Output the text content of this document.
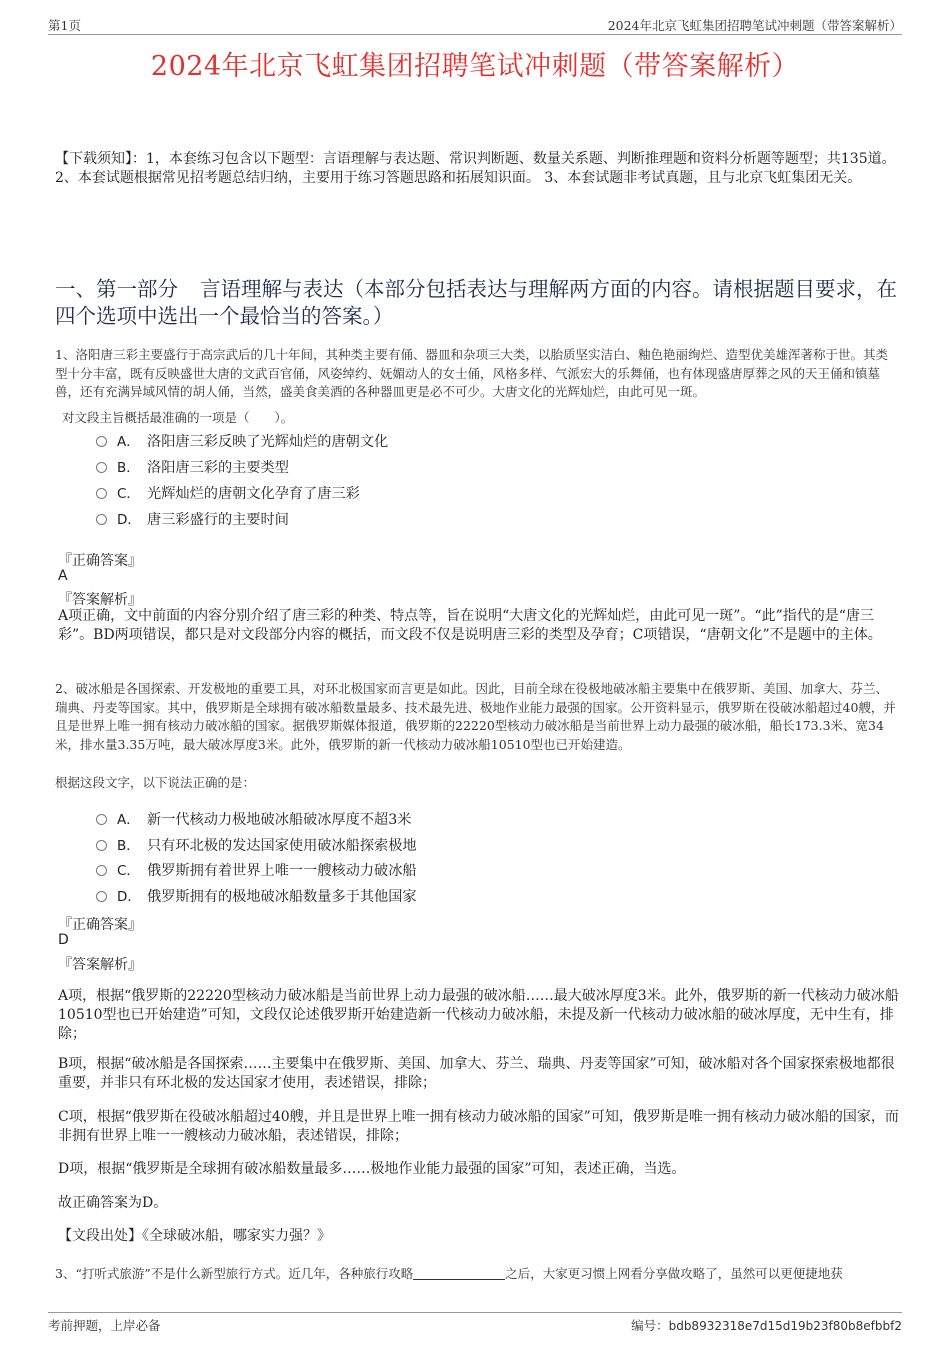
第1页	2024年北京飞虹集团招聘笔试冲刺题（带答案解析）
2024年北京飞虹集团招聘笔试冲刺题（带答案解析）
【下载须知】：1，本套练习包含以下题型：言语理解与表达题、常识判断题、数量关系题、判断推理题和资料分析题等题型；共135道。 2、本套试题根据常见招考题总结归纳，主要用于练习答题思路和拓展知识面。 3、本套试题非考试真题，且与北京飞虹集团无关。
一、第一部分 言语理解与表达（本部分包括表达与理解两方面的内容。请根据题目要求，在四个选项中选出一个最恰当的答案。）
1、洛阳唐三彩主要盛行于高宗武后的几十年间，其种类主要有俑、器皿和杂项三大类，以胎质坚实洁白、釉色艳丽绚烂、造型优美雄浑著称于世。其类型十分丰富，既有反映盛世大唐的文武百官俑，风姿绰约、妩媚动人的女士俑，风格多样、气派宏大的乐舞俑，也有体现盛唐厚葬之风的天王俑和镇墓兽，还有充满异域风情的胡人俑，当然，盛美食美酒的各种器皿更是必不可少。大唐文化的光辉灿烂，由此可见一斑。
对文段主旨概括最准确的一项是（　　）。
A． 洛阳唐三彩反映了光辉灿烂的唐朝文化
B． 洛阳唐三彩的主要类型
C． 光辉灿烂的唐朝文化孕育了唐三彩
D． 唐三彩盛行的主要时间
『正确答案』
A
『答案解析』
A项正确，文中前面的内容分别介绍了唐三彩的种类、特点等，旨在说明“大唐文化的光辉灿烂，由此可见一斑”。“此”指代的是“唐三彩”。BD两项错误，都只是对文段部分内容的概括，而文段不仅是说明唐三彩的类型及孕育；C项错误，“唐朝文化”不是题中的主体。
2、破冰船是各国探索、开发极地的重要工具，对环北极国家而言更是如此。因此，目前全球在役极地破冰船主要集中在俄罗斯、美国、加拿大、芬兰、瑞典、丹麦等国家。其中，俄罗斯是全球拥有破冰船数量最多、技术最先进、极地作业能力最强的国家。公开资料显示，俄罗斯在役破冰船超过40艘，并且是世界上唯一拥有核动力破冰船的国家。据俄罗斯媒体报道，俄罗斯的22220型核动力破冰船是当前世界上动力最强的破冰船，船长173.3米、宽34米，排水量3.35万吨，最大破冰厚度3米。此外，俄罗斯的新一代核动力破冰船10510型也已开始建造。
根据这段文字，以下说法正确的是：
A． 新一代核动力极地破冰船破冰厚度不超3米
B． 只有环北极的发达国家使用破冰船探索极地
C． 俄罗斯拥有着世界上唯一一艘核动力破冰船
D． 俄罗斯拥有的极地破冰船数量多于其他国家
『正确答案』
D
『答案解析』
A项，根据“俄罗斯的22220型核动力破冰船是当前世界上动力最强的破冰船……最大破冰厚度3米。此外，俄罗斯的新一代核动力破冰船10510型也已开始建造”可知，文段仅论述俄罗斯开始建造新一代核动力破冰船，未提及新一代核动力破冰船的破冰厚度，无中生有，排除；
B项，根据“破冰船是各国探索……主要集中在俄罗斯、美国、加拿大、芬兰、瑞典、丹麦等国家”可知，破冰船对各个国家探索极地都很重要，并非只有环北极的发达国家才使用，表述错误，排除；
C项，根据“俄罗斯在役破冰船超过40艘，并且是世界上唯一拥有核动力破冰船的国家”可知，俄罗斯是唯一拥有核动力破冰船的国家，而非拥有世界上唯一一艘核动力破冰船，表述错误，排除；
D项，根据“俄罗斯是全球拥有破冰船数量最多……极地作业能力最强的国家”可知，表述正确，当选。
故正确答案为D。
【文段出处】《全球破冰船，哪家实力强？》
3、“打听式旅游”不是什么新型旅行方式。近几年，各种旅行攻略	之后，大家更习惯上网看分享做攻略了，虽然可以更便捷地获
考前押题，上岸必备	编号：bdb8932318e7d15d19b23f80b8efbbf2
